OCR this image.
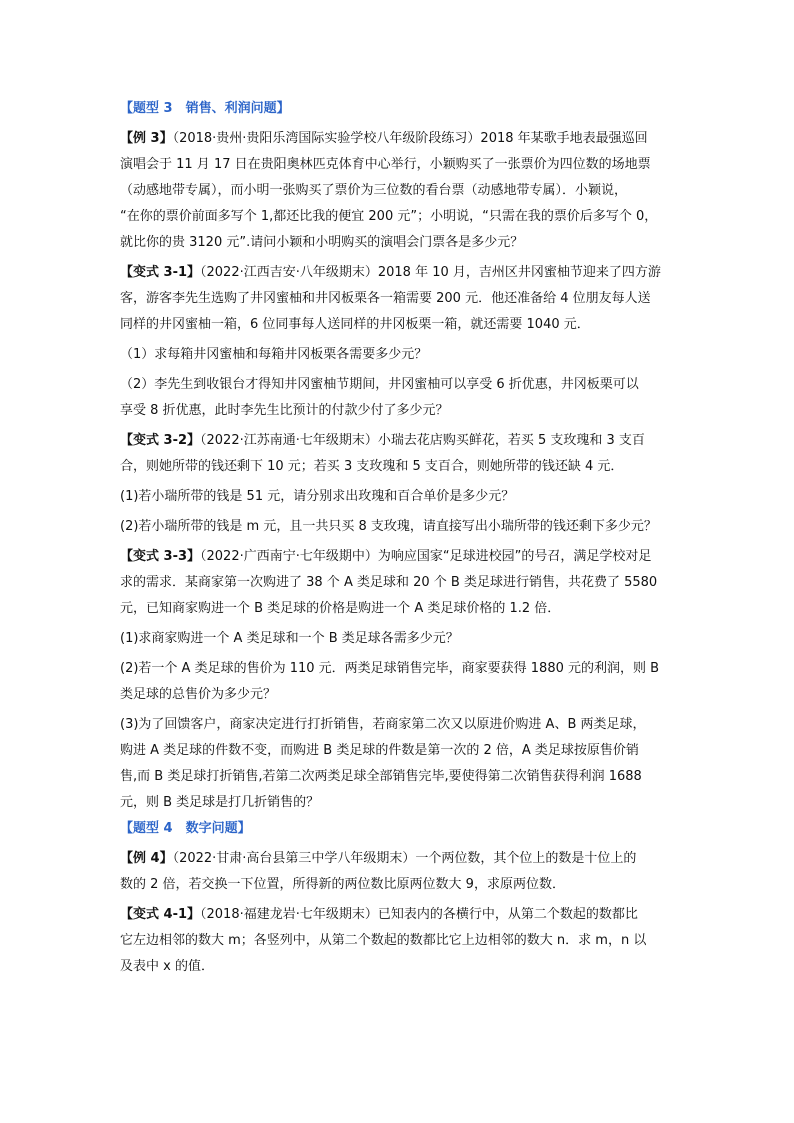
【题型 3　销售、利润问题】

【例 3】（2018·贵州·贵阳乐湾国际实验学校八年级阶段练习）2018 年某歌手地表最强巡回

演唱会于 11 月 17 日在贵阳奥林匹克体育中心举行，小颖购买了一张票价为四位数的场地票

（动感地带专属），而小明一张购买了票价为三位数的看台票（动感地带专属）．小颖说，

“在你的票价前面多写个 1,都还比我的便宜 200 元”；小明说，“只需在我的票价后多写个 0，

就比你的贵 3120 元”.请问小颖和小明购买的演唱会门票各是多少元？

【变式 3-1】（2022·江西吉安·八年级期末）2018 年 10 月，吉州区井冈蜜柚节迎来了四方游

客，游客李先生选购了井冈蜜柚和井冈板栗各一箱需要 200 元．他还准备给 4 位朋友每人送

同样的井冈蜜柚一箱，6 位同事每人送同样的井冈板栗一箱，就还需要 1040 元．

（1）求每箱井冈蜜柚和每箱井冈板栗各需要多少元？

（2）李先生到收银台才得知井冈蜜柚节期间，井冈蜜柚可以享受 6 折优惠，井冈板栗可以

享受 8 折优惠，此时李先生比预计的付款少付了多少元？

【变式 3-2】（2022·江苏南通·七年级期末）小瑞去花店购买鲜花，若买 5 支玫瑰和 3 支百

合，则她所带的钱还剩下 10 元；若买 3 支玫瑰和 5 支百合，则她所带的钱还缺 4 元．

(1)若小瑞所带的钱是 51 元，请分别求出玫瑰和百合单价是多少元？

(2)若小瑞所带的钱是 m 元，且一共只买 8 支玫瑰，请直接写出小瑞所带的钱还剩下多少元？

【变式 3-3】（2022·广西南宁·七年级期中）为响应国家“足球进校园”的号召，满足学校对足

求的需求．某商家第一次购进了 38 个 A 类足球和 20 个 B 类足球进行销售，共花费了 5580

元，已知商家购进一个 B 类足球的价格是购进一个 A 类足球价格的 1.2 倍．

(1)求商家购进一个 A 类足球和一个 B 类足球各需多少元？

(2)若一个 A 类足球的售价为 110 元．两类足球销售完毕，商家要获得 1880 元的利润，则 B

类足球的总售价为多少元？

(3)为了回馈客户，商家决定进行打折销售，若商家第二次又以原进价购进 A、B 两类足球，

购进 A 类足球的件数不变，而购进 B 类足球的件数是第一次的 2 倍，A 类足球按原售价销

售,而 B 类足球打折销售,若第二次两类足球全部销售完毕,要使得第二次销售获得利润 1688

元，则 B 类足球是打几折销售的？

【题型 4　数字问题】

【例 4】（2022·甘肃·高台县第三中学八年级期末）一个两位数，其个位上的数是十位上的

数的 2 倍，若交换一下位置，所得新的两位数比原两位数大 9，求原两位数．

【变式 4-1】（2018·福建龙岩·七年级期末）已知表内的各横行中，从第二个数起的数都比

它左边相邻的数大 m；各竖列中，从第二个数起的数都比它上边相邻的数大 n．求 m，n 以

及表中 x 的值．
